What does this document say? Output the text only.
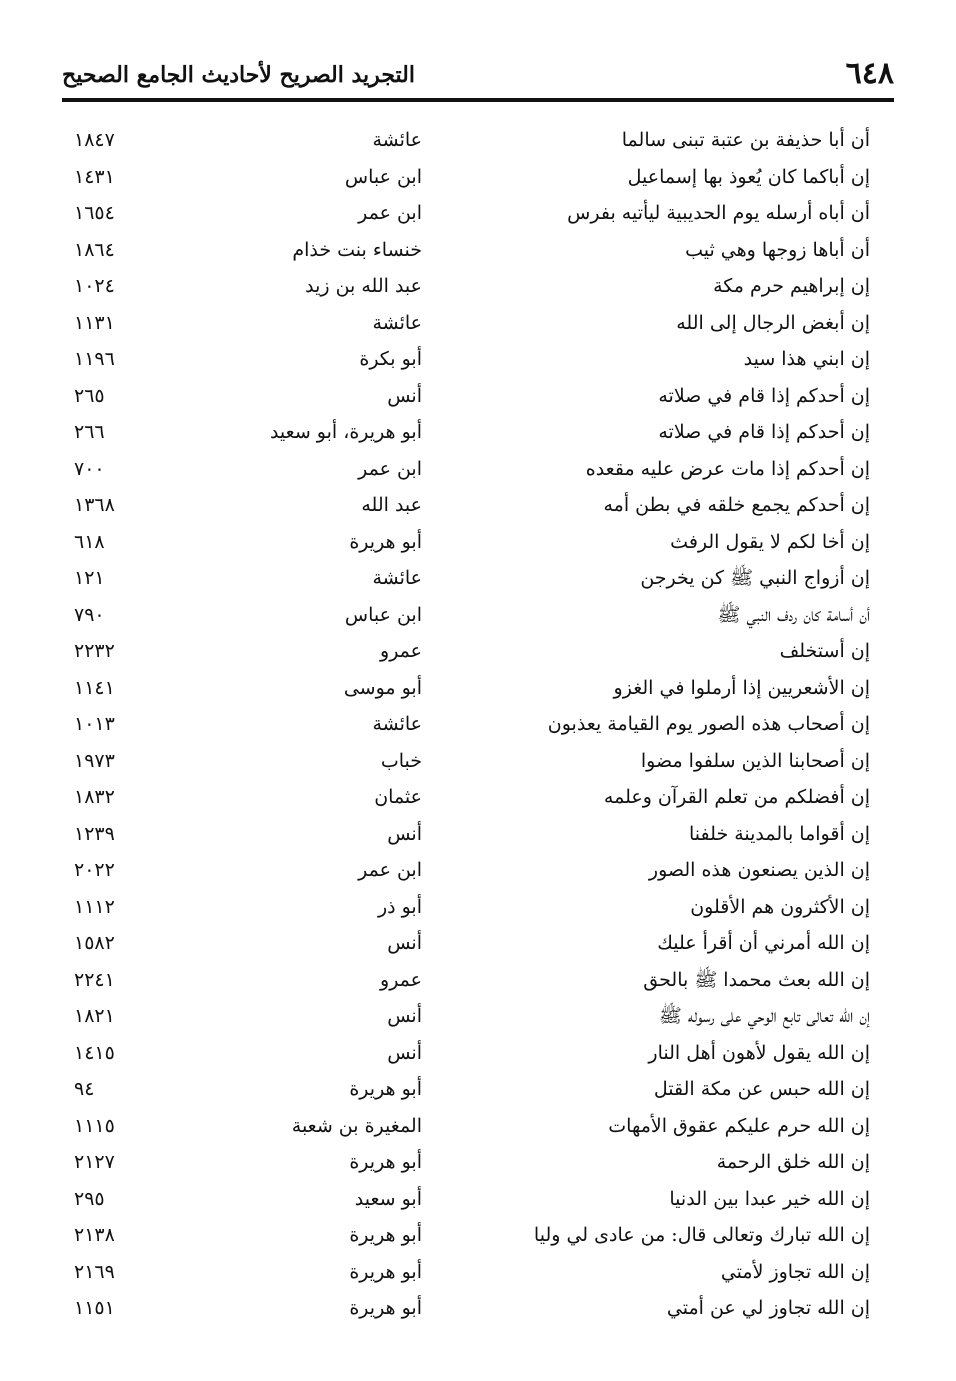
٦٤٨
التجريد الصريح لأحاديث الجامع الصحيح
أن أبا حذيفة بن عتبة تبنى سالما
عائشة
١٨٤٧
إن أباكما كان يُعوذ بها إسماعيل
ابن عباس
١٤٣١
أن أباه أرسله يوم الحديبية ليأتيه بفرس
ابن عمر
١٦٥٤
أن أباها زوجها وهي ثيب
خنساء بنت خذام
١٨٦٤
إن إبراهيم حرم مكة
عبد الله بن زيد
١٠٢٤
إن أبغض الرجال إلى الله
عائشة
١١٣١
إن ابني هذا سيد
أبو بكرة
١١٩٦
إن أحدكم إذا قام في صلاته
أنس
٢٦٥
إن أحدكم إذا قام في صلاته
أبو هريرة، أبو سعيد
٢٦٦
إن أحدكم إذا مات عرض عليه مقعده
ابن عمر
٧٠٠
إن أحدكم يجمع خلقه في بطن أمه
عبد الله
١٣٦٨
إن أخا لكم لا يقول الرفث
أبو هريرة
٦١٨
إن أزواج النبي ﷺ كن يخرجن
عائشة
١٢١
أن أسامة كان ردف النبي ﷺ
ابن عباس
٧٩٠
إن أستخلف
عمرو
٢٢٣٢
إن الأشعريين إذا أرملوا في الغزو
أبو موسى
١١٤١
إن أصحاب هذه الصور يوم القيامة يعذبون
عائشة
١٠١٣
إن أصحابنا الذين سلفوا مضوا
خباب
١٩٧٣
إن أفضلكم من تعلم القرآن وعلمه
عثمان
١٨٣٢
إن أقواما بالمدينة خلفنا
أنس
١٢٣٩
إن الذين يصنعون هذه الصور
ابن عمر
٢٠٢٢
إن الأكثرون هم الأقلون
أبو ذر
١١١٢
إن الله أمرني أن أقرأ عليك
أنس
١٥٨٢
إن الله بعث محمدا ﷺ بالحق
عمرو
٢٢٤١
إن الله تعالى تابع الوحي على رسوله ﷺ
أنس
١٨٢١
إن الله يقول لأهون أهل النار
أنس
١٤١٥
إن الله حبس عن مكة القتل
أبو هريرة
٩٤
إن الله حرم عليكم عقوق الأمهات
المغيرة بن شعبة
١١١٥
إن الله خلق الرحمة
أبو هريرة
٢١٢٧
إن الله خير عبدا بين الدنيا
أبو سعيد
٢٩٥
إن الله تبارك وتعالى قال: من عادى لي وليا
أبو هريرة
٢١٣٨
إن الله تجاوز لأمتي
أبو هريرة
٢١٦٩
إن الله تجاوز لي عن أمتي
أبو هريرة
١١٥١
